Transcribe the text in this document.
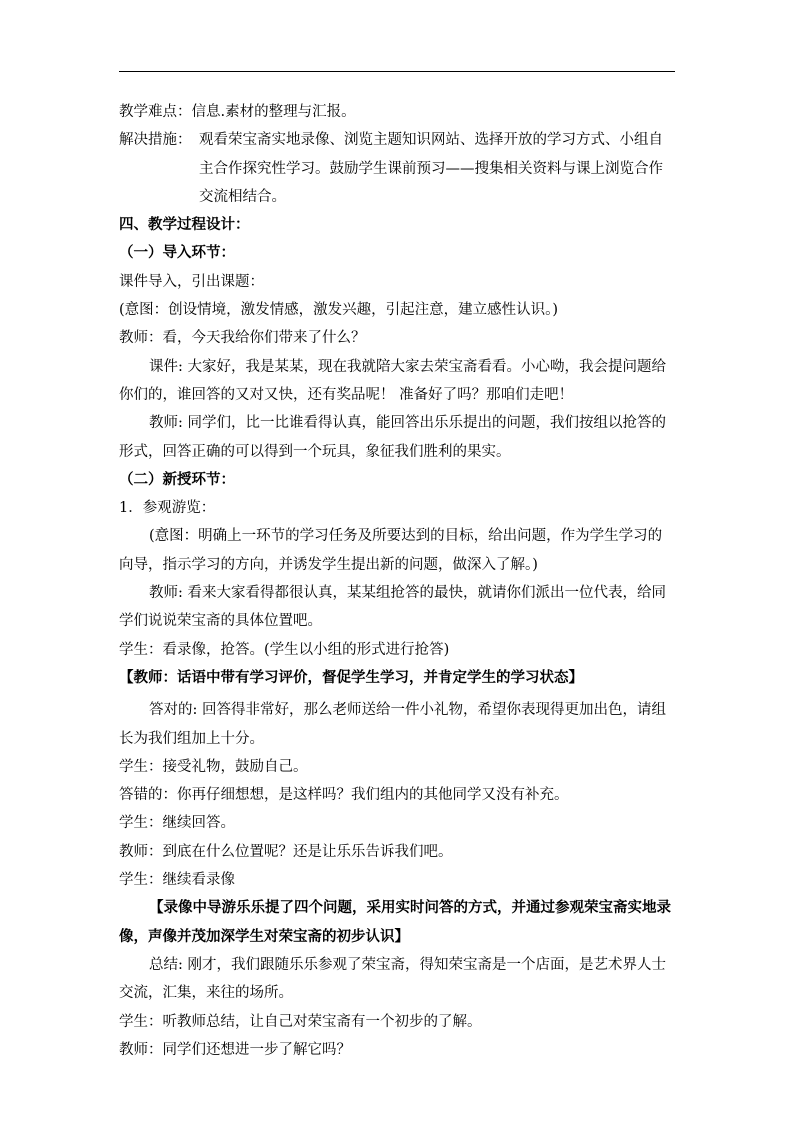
教学难点：信息.素材的整理与汇报。

解决措施： 观看荣宝斋实地录像、浏览主题知识网站、选择开放的学习方式、小组自主合作探究性学习。鼓励学生课前预习——搜集相关资料与课上浏览合作交流相结合。

四、教学过程设计：

（一）导入环节：

课件导入，引出课题：

(意图：创设情境，激发情感，激发兴趣，引起注意，建立感性认识。)

教师：看，今天我给你们带来了什么？

课件: 大家好，我是某某，现在我就陪大家去荣宝斋看看。小心呦，我会提问题给你们的，谁回答的又对又快，还有奖品呢！ 准备好了吗？那咱们走吧！

教师: 同学们，比一比谁看得认真，能回答出乐乐提出的问题，我们按组以抢答的形式，回答正确的可以得到一个玩具，象征我们胜利的果实。

（二）新授环节：

1．参观游览：

(意图：明确上一环节的学习任务及所要达到的目标，给出问题，作为学生学习的向导，指示学习的方向，并诱发学生提出新的问题，做深入了解。)

教师: 看来大家看得都很认真，某某组抢答的最快，就请你们派出一位代表，给同学们说说荣宝斋的具体位置吧。

学生：看录像，抢答。(学生以小组的形式进行抢答)

【教师：话语中带有学习评价，督促学生学习，并肯定学生的学习状态】

答对的: 回答得非常好，那么老师送给一件小礼物，希望你表现得更加出色，请组长为我们组加上十分。

学生：接受礼物，鼓励自己。

答错的：你再仔细想想，是这样吗？我们组内的其他同学又没有补充。

学生：继续回答。

教师：到底在什么位置呢？还是让乐乐告诉我们吧。

学生：继续看录像

【录像中导游乐乐提了四个问题，采用实时问答的方式，并通过参观荣宝斋实地录像，声像并茂加深学生对荣宝斋的初步认识】

总结: 刚才，我们跟随乐乐参观了荣宝斋，得知荣宝斋是一个店面，是艺术界人士交流，汇集，来往的场所。

学生：听教师总结，让自己对荣宝斋有一个初步的了解。

教师：同学们还想进一步了解它吗？
